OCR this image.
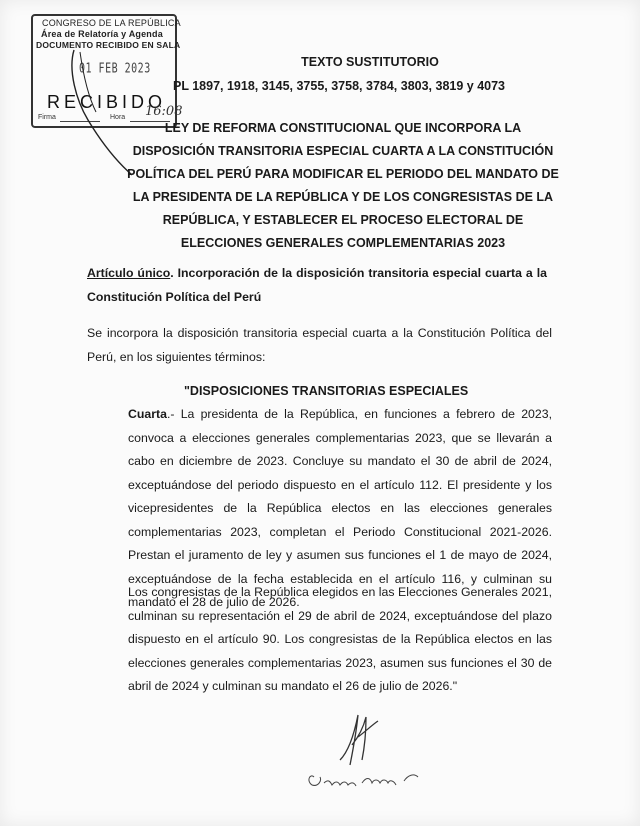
CONGRESO DE LA REPÚBLICA
Área de Relatoría y Agenda
DOCUMENTO RECIBIDO EN SALA
01 FEB 2023
RECIBIDO
Firma	Hora 16:08
TEXTO SUSTITUTORIO
PL 1897, 1918, 3145, 3755, 3758, 3784, 3803, 3819 y 4073
LEY DE REFORMA CONSTITUCIONAL QUE INCORPORA LA DISPOSICIÓN TRANSITORIA ESPECIAL CUARTA A LA CONSTITUCIÓN POLÍTICA DEL PERÚ PARA MODIFICAR EL PERIODO DEL MANDATO DE LA PRESIDENTA DE LA REPÚBLICA Y DE LOS CONGRESISTAS DE LA REPÚBLICA, Y ESTABLECER EL PROCESO ELECTORAL DE ELECCIONES GENERALES COMPLEMENTARIAS 2023
Artículo único. Incorporación de la disposición transitoria especial cuarta a la Constitución Política del Perú
Se incorpora la disposición transitoria especial cuarta a la Constitución Política del Perú, en los siguientes términos:
"DISPOSICIONES TRANSITORIAS ESPECIALES
Cuarta.- La presidenta de la República, en funciones a febrero de 2023, convoca a elecciones generales complementarias 2023, que se llevarán a cabo en diciembre de 2023. Concluye su mandato el 30 de abril de 2024, exceptuándose del periodo dispuesto en el artículo 112. El presidente y los vicepresidentes de la República electos en las elecciones generales complementarias 2023, completan el Periodo Constitucional 2021-2026. Prestan el juramento de ley y asumen sus funciones el 1 de mayo de 2024, exceptuándose de la fecha establecida en el artículo 116, y culminan su mandato el 28 de julio de 2026.
Los congresistas de la República elegidos en las Elecciones Generales 2021, culminan su representación el 29 de abril de 2024, exceptuándose del plazo dispuesto en el artículo 90. Los congresistas de la República electos en las elecciones generales complementarias 2023, asumen sus funciones el 30 de abril de 2024 y culminan su mandato el 26 de julio de 2026."
